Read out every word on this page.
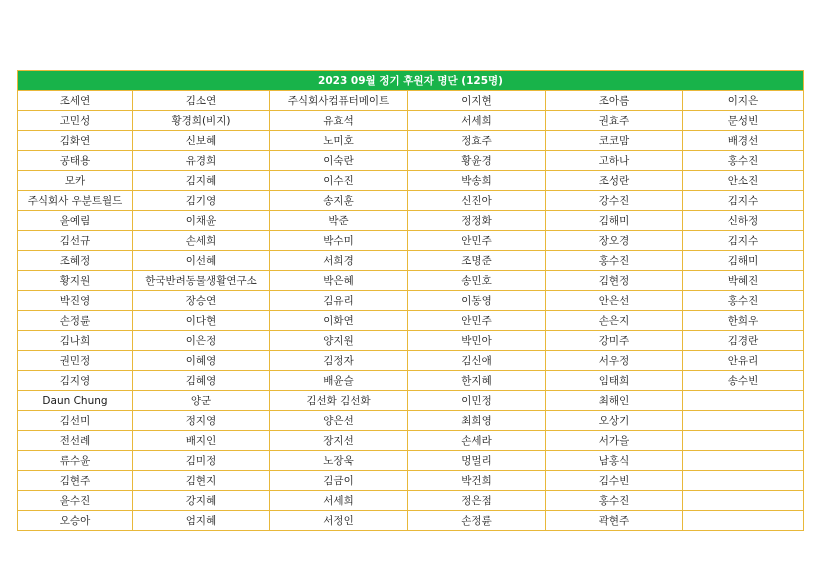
2023 09월 정기 후원자 명단 (125명)					
조세연	김소연	주식회사컴퓨터메이트	이지현	조아름	이지은
고민성	황경희(비지)	유효석	서세희	권효주	문성빈
김화연	신보혜	노미호	정효주	코코맘	배경선
공태용	유경희	이숙란	황윤경	고하나	홍수진
모카	김지혜	이수진	박송희	조성란	안소진
주식회사 우분트월드	김기영	송지훈	신진아	강수진	김지수
윤예림	이채윤	박준	정정화	김해미	신하정
김선규	손세희	박수미	안민주	장오경	김지수
조혜정	이선혜	서희경	조명준	홍수진	김해미
황지원	한국반려동물생활연구소	박은혜	송민호	김현정	박혜진
박진영	장승연	김유리	이동영	안은선	홍수진
손정륜	이다현	이화연	안민주	손은지	한희우
김나희	이은정	양지원	박민아	강미주	김경란
권민정	이혜영	김정자	김신애	서우정	안유리
김지영	김혜영	배윤슬	한지혜	임태희	송수빈
Daun Chung	양군	김선화 김선화	이민정	최해인	
김선미	정지영	양은선	최희영	오상기	
전선례	배지인	장지선	손세라	서가을	
류수윤	김미정	노장욱	멍멀리	남홍식	
김현주	김현지	김금이	박건희	김수빈	
윤수진	강지혜	서세희	정은점	홍수진	
오승아	엄지혜	서정인	손정륜	곽현주	
